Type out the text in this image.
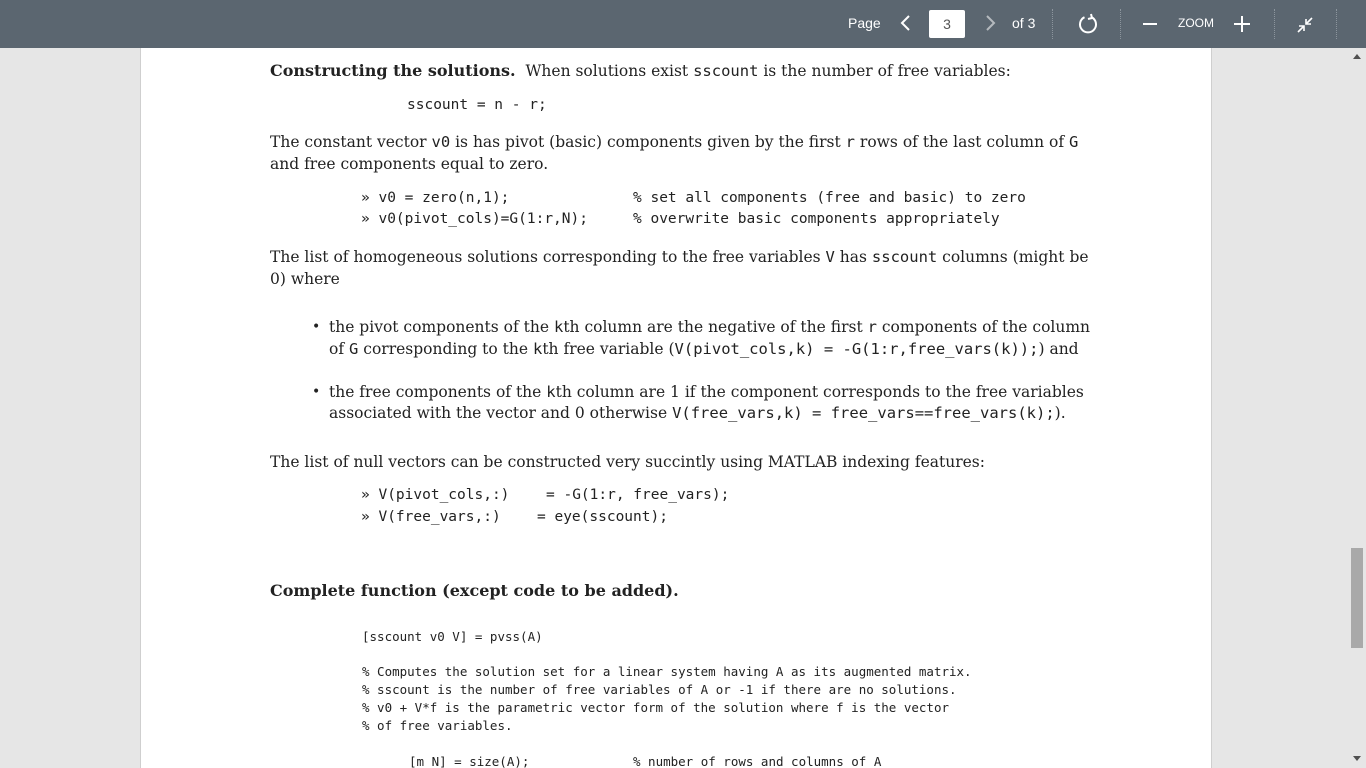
Page
3	of 3	ZOOM

Constructing the solutions. When solutions exist sscount is the number of free variables:

sscount = n - r;

The constant vector v0 is has pivot (basic) components given by the first r rows of the last column of G

and free components equal to zero.

» v0 = zero(n,1);	% set all components (free and basic) to zero

» v0(pivot_cols)=G(1:r,N);	% overwrite basic components appropriately

The list of homogeneous solutions corresponding to the free variables V has sscount columns (might be

0) where

• the pivot components of the kth column are the negative of the first r components of the column

of G corresponding to the kth free variable (V(pivot_cols,k) = -G(1:r,free_vars(k));) and

• the free components of the kth column are 1 if the component corresponds to the free variables

associated with the vector and 0 otherwise V(free_vars,k) = free_vars==free_vars(k);).

The list of null vectors can be constructed very succintly using MATLAB indexing features:

» V(pivot_cols,:)	= -G(1:r, free_vars);

» V(free_vars,:)	= eye(sscount);

Complete function (except code to be added).

[sscount v0 V] = pvss(A)

% Computes the solution set for a linear system having A as its augmented matrix.

% sscount is the number of free variables of A or -1 if there are no solutions.

% v0 + V*f is the parametric vector form of the solution where f is the vector

% of free variables.

[m N] = size(A);	% number of rows and columns of A
